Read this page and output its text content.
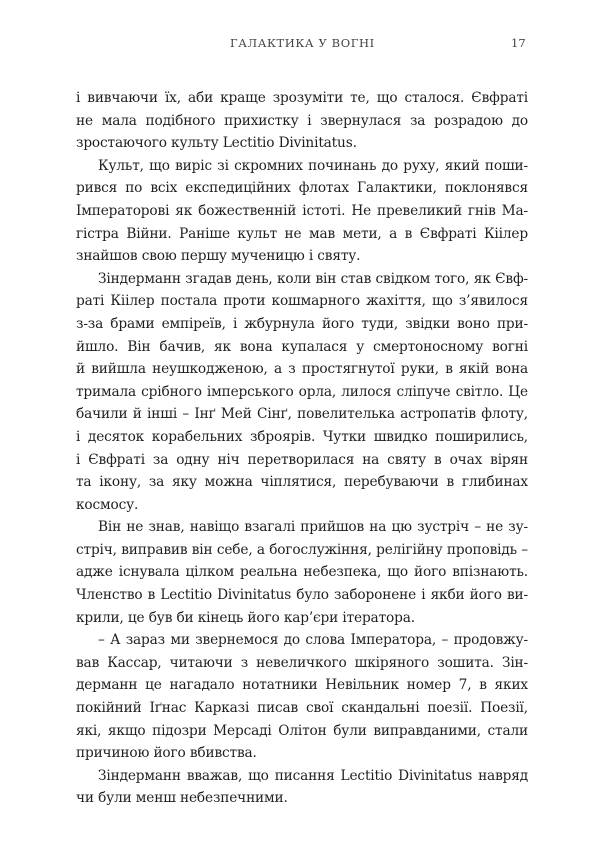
ГАЛАКТИКА У ВОГНІ	17
і вивчаючи їх, аби краще зрозуміти те, що сталося. Євфраті
не мала подібного прихистку і звернулася за розрадою до
зростаючого культу Lectitio Divinitatus.
Культ, що виріс зі скромних починань до руху, який поши-
рився по всіх експедиційних флотах Галактики, поклонявся
Імператорові як божественній істоті. Не превеликий гнів Ма-
гістра Війни. Раніше культ не мав мети, а в Євфраті Кіілер
знайшов свою першу мученицю і святу.
Зіндерманн згадав день, коли він став свідком того, як Євф-
раті Кіілер постала проти кошмарного жахіття, що з’явилося
з-за брами емпіреїв, і жбурнула його туди, звідки воно при-
йшло. Він бачив, як вона купалася у смертоносному вогні
й вийшла неушкодженою, а з простягнутої руки, в якій вона
тримала срібного імперського орла, лилося сліпуче світло. Це
бачили й інші – Інґ Мей Сінґ, повелителька астропатів флоту,
і десяток корабельних зброярів. Чутки швидко поширились,
і Євфраті за одну ніч перетворилася на святу в очах вірян
та ікону, за яку можна чіплятися, перебуваючи в глибинах
космосу.
Він не знав, навіщо взагалі прийшов на цю зустріч – не зу-
стріч, виправив він себе, а богослужіння, релігійну проповідь –
адже існувала цілком реальна небезпека, що його впізнають.
Членство в Lectitio Divinitatus було заборонене і якби його ви-
крили, це був би кінець його кар’єри ітератора.
– А зараз ми звернемося до слова Імператора, – продовжу-
вав Кассар, читаючи з невеличкого шкіряного зошита. Зін-
дерманн це нагадало нотатники Невільник номер 7, в яких
покійний Іґнас Карказі писав свої скандальні поезії. Поезії,
які, якщо підозри Мерсаді Олітон були виправданими, стали
причиною його вбивства.
Зіндерманн вважав, що писання Lectitio Divinitatus навряд
чи були менш небезпечними.
